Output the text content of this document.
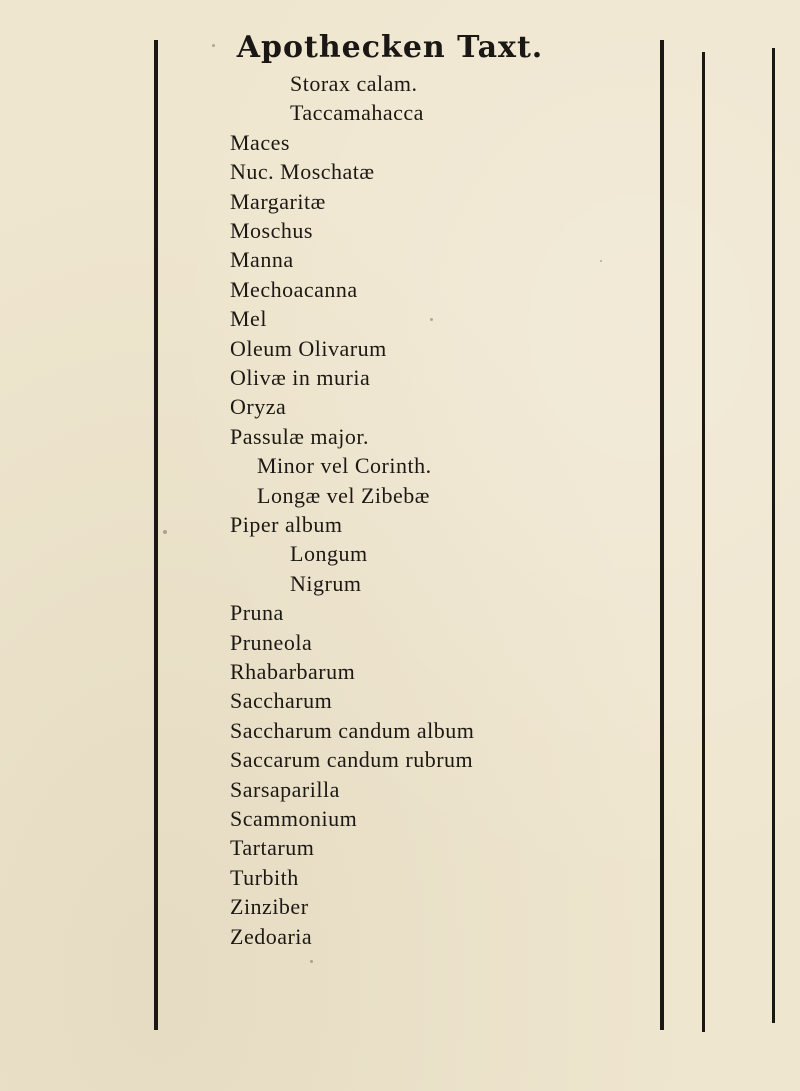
Apothecken Taxt.
Storax calam.
Taccamahacca
Maces
Nuc. Moschatæ
Margaritæ
Moschus
Manna
Mechoacanna
Mel
Oleum Olivarum
Olivæ in muria
Oryza
Passulæ major.
Minor vel Corinth.
Longæ vel Zibebæ
Piper album
Longum
Nigrum
Pruna
Pruneola
Rhabarbarum
Saccharum
Saccharum candum album
Saccarum candum rubrum
Sarsaparilla
Scammonium
Tartarum
Turbith
Zinziber
Zedoaria
